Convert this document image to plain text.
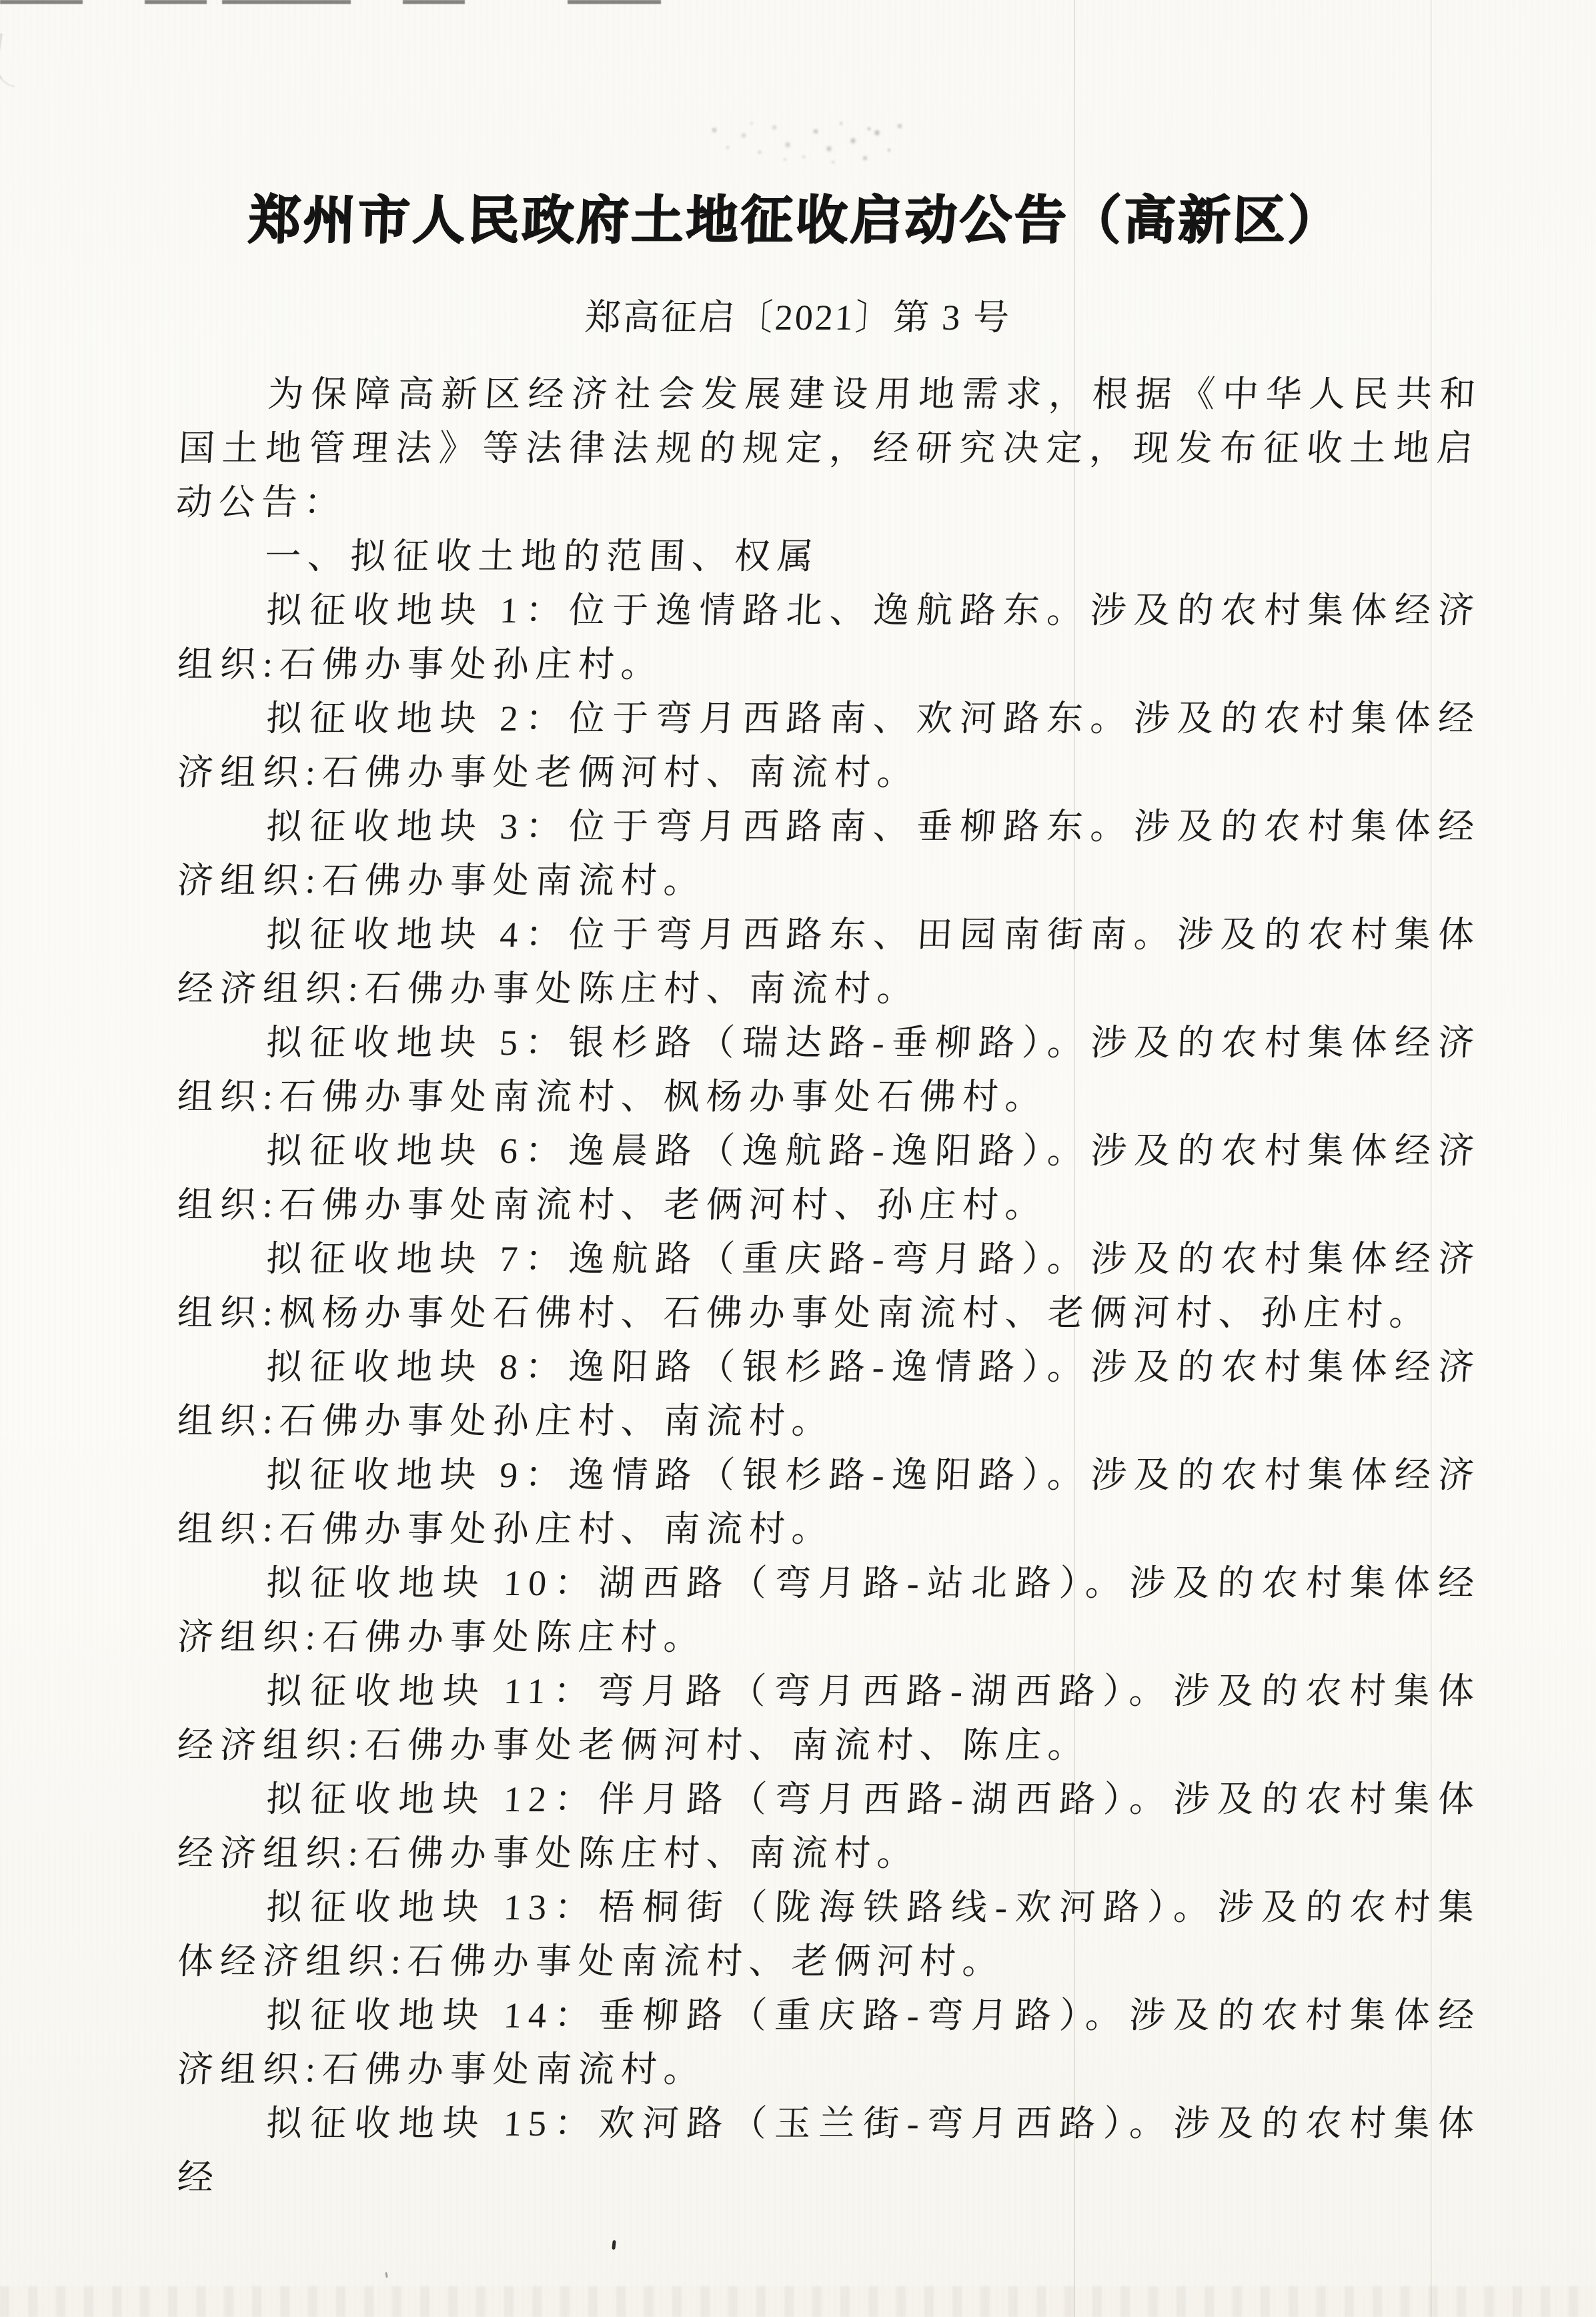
郑州市人民政府土地征收启动公告（高新区）
郑高征启〔2021〕第 3 号

为保障高新区经济社会发展建设用地需求，根据《中华人民共和国土地管理法》等法律法规的规定，经研究决定，现发布征收土地启动公告：

一、拟征收土地的范围、权属

拟征收地块 1：位于逸情路北、逸航路东。涉及的农村集体经济组织:石佛办事处孙庄村。

拟征收地块 2：位于弯月西路南、欢河路东。涉及的农村集体经济组织:石佛办事处老俩河村、南流村。

拟征收地块 3：位于弯月西路南、垂柳路东。涉及的农村集体经济组织:石佛办事处南流村。

拟征收地块 4：位于弯月西路东、田园南街南。涉及的农村集体经济组织:石佛办事处陈庄村、南流村。

拟征收地块 5：银杉路（瑞达路-垂柳路）。涉及的农村集体经济组织:石佛办事处南流村、枫杨办事处石佛村。

拟征收地块 6：逸晨路（逸航路-逸阳路）。涉及的农村集体经济组织:石佛办事处南流村、老俩河村、孙庄村。

拟征收地块 7：逸航路（重庆路-弯月路）。涉及的农村集体经济组织:枫杨办事处石佛村、石佛办事处南流村、老俩河村、孙庄村。

拟征收地块 8：逸阳路（银杉路-逸情路）。涉及的农村集体经济组织:石佛办事处孙庄村、南流村。

拟征收地块 9：逸情路（银杉路-逸阳路）。涉及的农村集体经济组织:石佛办事处孙庄村、南流村。

拟征收地块 10：湖西路（弯月路-站北路）。涉及的农村集体经济组织:石佛办事处陈庄村。

拟征收地块 11：弯月路（弯月西路-湖西路）。涉及的农村集体经济组织:石佛办事处老俩河村、南流村、陈庄。

拟征收地块 12：伴月路（弯月西路-湖西路）。涉及的农村集体经济组织:石佛办事处陈庄村、南流村。

拟征收地块 13：梧桐街（陇海铁路线-欢河路）。涉及的农村集体经济组织:石佛办事处南流村、老俩河村。

拟征收地块 14：垂柳路（重庆路-弯月路）。涉及的农村集体经济组织:石佛办事处南流村。

拟征收地块 15：欢河路（玉兰街-弯月西路）。涉及的农村集体经
